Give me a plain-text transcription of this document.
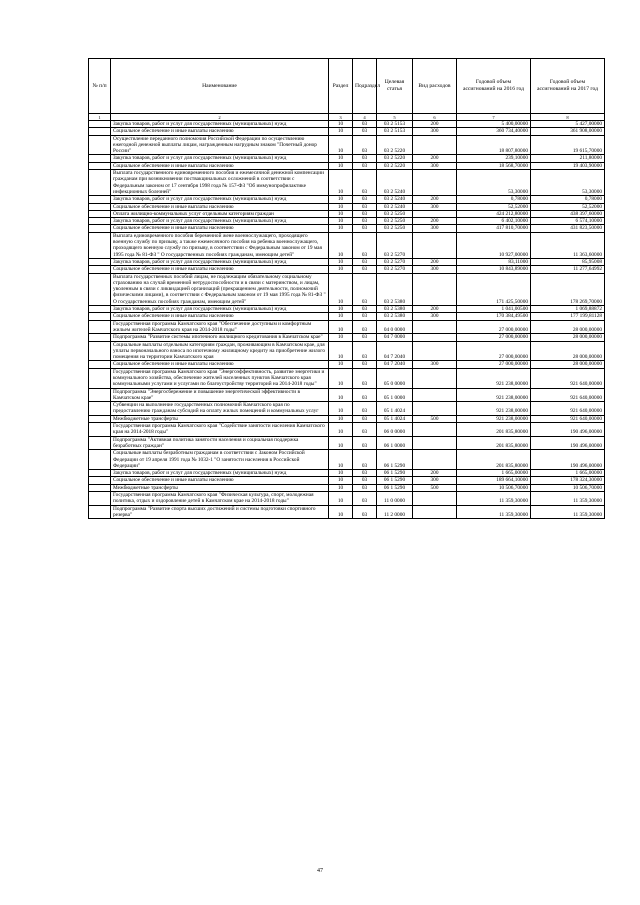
№ п/п	Наименование	Раздел	Подраздел	Целевая статья	Вид расходов	Годовой объем ассигнований на 2016 год	Годовой объем ассигнований на 2017 год
1	2	3	4	5	6	7	8
	Закупка товаров, работ и услуг для государственных (муниципальных) нужд	10	03	03 2 5153	200	5 400,00000	5 427,00000
	Социальное обеспечение и иные выплаты населению	10	03	03 2 5153	300	360 734,40000	361 908,00000
	Осуществление переданного полномочия Российской Федерации по осуществлению ежегодной денежной выплаты лицам, награжденным нагрудным знаком "Почетный донор России"	10	03	03 2 5220		18 807,80000	19 615,70000
	Закупка товаров, работ и услуг для государственных (муниципальных) нужд	10	03	03 2 5220	200	239,10000	211,80000
	Социальное обеспечение и иные выплаты населению	10	03	03 2 5220	300	18 568,70000	19 403,90000
	Выплата государственного единовременного пособия и ежемесячной денежной компенсации гражданам при возникновении поствакцинальных осложнений в соответствии с Федеральным законом от 17 сентября 1998 года № 157-ФЗ "Об иммунопрофилактике инфекционных болезней"	10	03	03 2 5240		53,30000	53,30000
	Закупка товаров, работ и услуг для государственных (муниципальных) нужд	10	03	03 2 5240	200	0,78000	0,78000
	Социальное обеспечение и иные выплаты населению	10	03	03 2 5240	300	52,52000	52,52000
	Оплата жилищно-коммунальных услуг отдельным категориям граждан	10	03	03 2 5250		424 212,80000	438 397,60000
	Закупка товаров, работ и услуг для государственных (муниципальных) нужд	10	03	03 2 5250	200	6 402,10000	6 574,10000
	Социальное обеспечение и иные выплаты населению	10	03	03 2 5250	300	417 810,70000	431 823,50000
	Выплата единовременного пособия беременной жене военнослужащего, проходящего военную службу по призыву, а также ежемесячного пособия на ребенка военнослужащего, проходящего военную службу по призыву, в соответствии с Федеральным законом от 19 мая 1995 года № 81-ФЗ " О государственных пособиях гражданам, имеющим детей"	10	03	03 2 5270		10 927,00000	11 363,60000
	Закупка товаров, работ и услуг для государственных (муниципальных) нужд	10	03	03 2 5270	200	83,11000	85,95008
	Социальное обеспечение и иные выплаты населению	10	03	03 2 5270	300	10 843,89000	11 277,64992
	Выплата государственных пособий лицам, не подлежащим обязательному социальному страхованию на случай временной нетрудоспособности и в связи с материнством, и лицам, уволенным в связи с ликвидацией организаций (прекращением деятельности, полномочий физическими лицами), в соответствии с Федеральным законом от 19 мая 1995 года № 81-ФЗ " О государственных пособиях гражданам, имеющим детей"	10	03	03 2 5380		171 425,50000	178 269,70000
	Закупка товаров, работ и услуг для государственных (муниципальных) нужд	10	03	03 2 5380	200	1 041,00500	1 069,88872
	Социальное обеспечение и иные выплаты населению	10	03	03 2 5380	300	170 384,49500	177 199,81128
	Государственная программа Камчатского края "Обеспечение доступным и комфортным жильем жителей Камчатского края на 2014-2018 годы"	10	03	04 0 0000		27 000,00000	28 000,00000
	Подпрограмма "Развитие системы ипотечного жилищного кредитования в Камчатском крае"	10	03	04 7 0000		27 000,00000	28 000,00000
	Социальные выплаты отдельным категориям граждан, проживающим в Камчатском крае, для уплаты первоначального взноса по ипотечному жилищному кредиту на приобретение жилого помещения на территории Камчатского края	10	03	04 7 2040		27 000,00000	28 000,00000
	Социальное обеспечение и иные выплаты населению	10	03	04 7 2040	300	27 000,00000	28 000,00000
	Государственная программа Камчатского края "Энергоэффективность, развитие энергетики и коммунального хозяйства, обеспечение жителей населенных пунктов Камчатского края коммунальными услугами и услугами по благоустройству территорий на 2014-2018 годы"	10	03	05 0 0000		921 238,00000	921 640,00000
	Подпрограмма "Энергосбережение и повышение энергетической эффективности в Камчатском крае"	10	03	05 1 0000		921 238,00000	921 640,00000
	Субвенции на выполнение государственных полномочий Камчатского края по предоставлению гражданам субсидий на оплату жилых помещений и коммунальных услуг	10	03	05 1 4024		921 238,00000	921 640,00000
	Межбюджетные трансферты	10	03	05 1 4024	500	921 238,00000	921 640,00000
	Государственная программа Камчатского края "Содействие занятости населения Камчатского края на 2014-2018 годы"	10	03	06 0 0000		201 835,80000	190 496,00000
	Подпрограмма "Активная политика занятости населения и социальная поддержка безработных граждан"	10	03	06 1 0000		201 835,80000	190 496,00000
	Социальные выплаты безработным гражданам в соответствии с Законом Российской Федерации от 19 апреля 1991 года № 1032-1 "О занятости населения в Российской Федерации"	10	03	06 1 5290		201 835,80000	190 496,00000
	Закупка товаров, работ и услуг для государственных (муниципальных) нужд	10	03	06 1 5290	200	1 665,00000	1 665,00000
	Социальное обеспечение и иные выплаты населению	10	03	06 1 5290	300	189 664,10000	178 324,30000
	Межбюджетные трансферты	10	03	06 1 5290	500	10 506,70000	10 506,70000
	Государственная программа Камчатского края "Физическая культура, спорт, молодежная политика, отдых и оздоровление детей в Камчатском крае на 2014-2018 годы"	10	03	11 0 0000		11 359,30000	11 359,30000
	Подпрограмма "Развитие спорта высших достижений и системы подготовки спортивного резерва"	10	03	11 2 0000		11 359,30000	11 359,30000
47
